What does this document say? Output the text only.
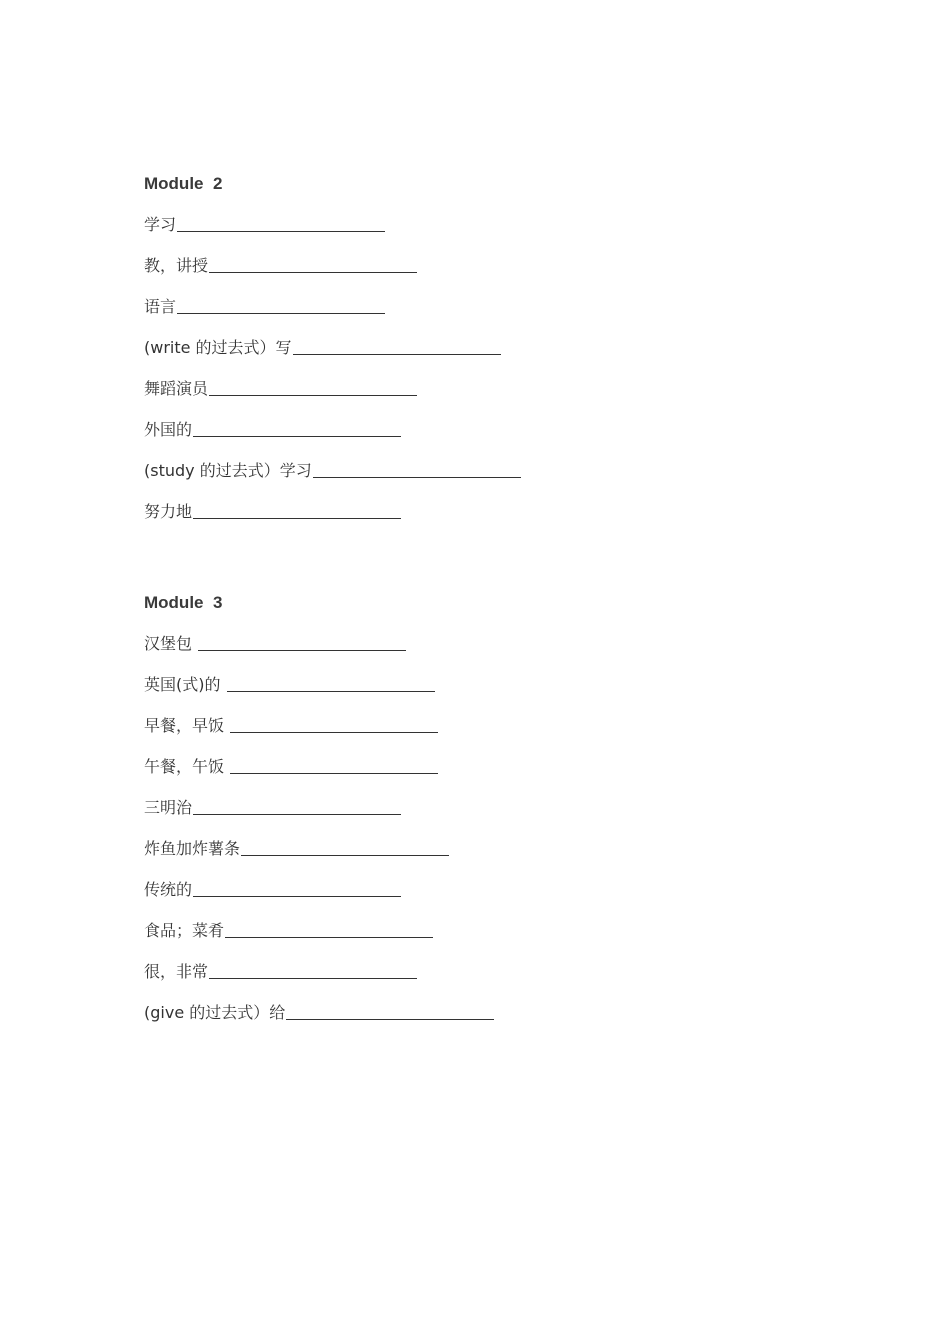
Module  2
学习
教，讲授
语言
(write 的过去式）写
舞蹈演员
外国的
(study 的过去式）学习
努力地
Module  3
汉堡包
英国(式)的
早餐，早饭
午餐，午饭
三明治
炸鱼加炸薯条
传统的
食品；菜肴
很，非常
(give 的过去式）给
